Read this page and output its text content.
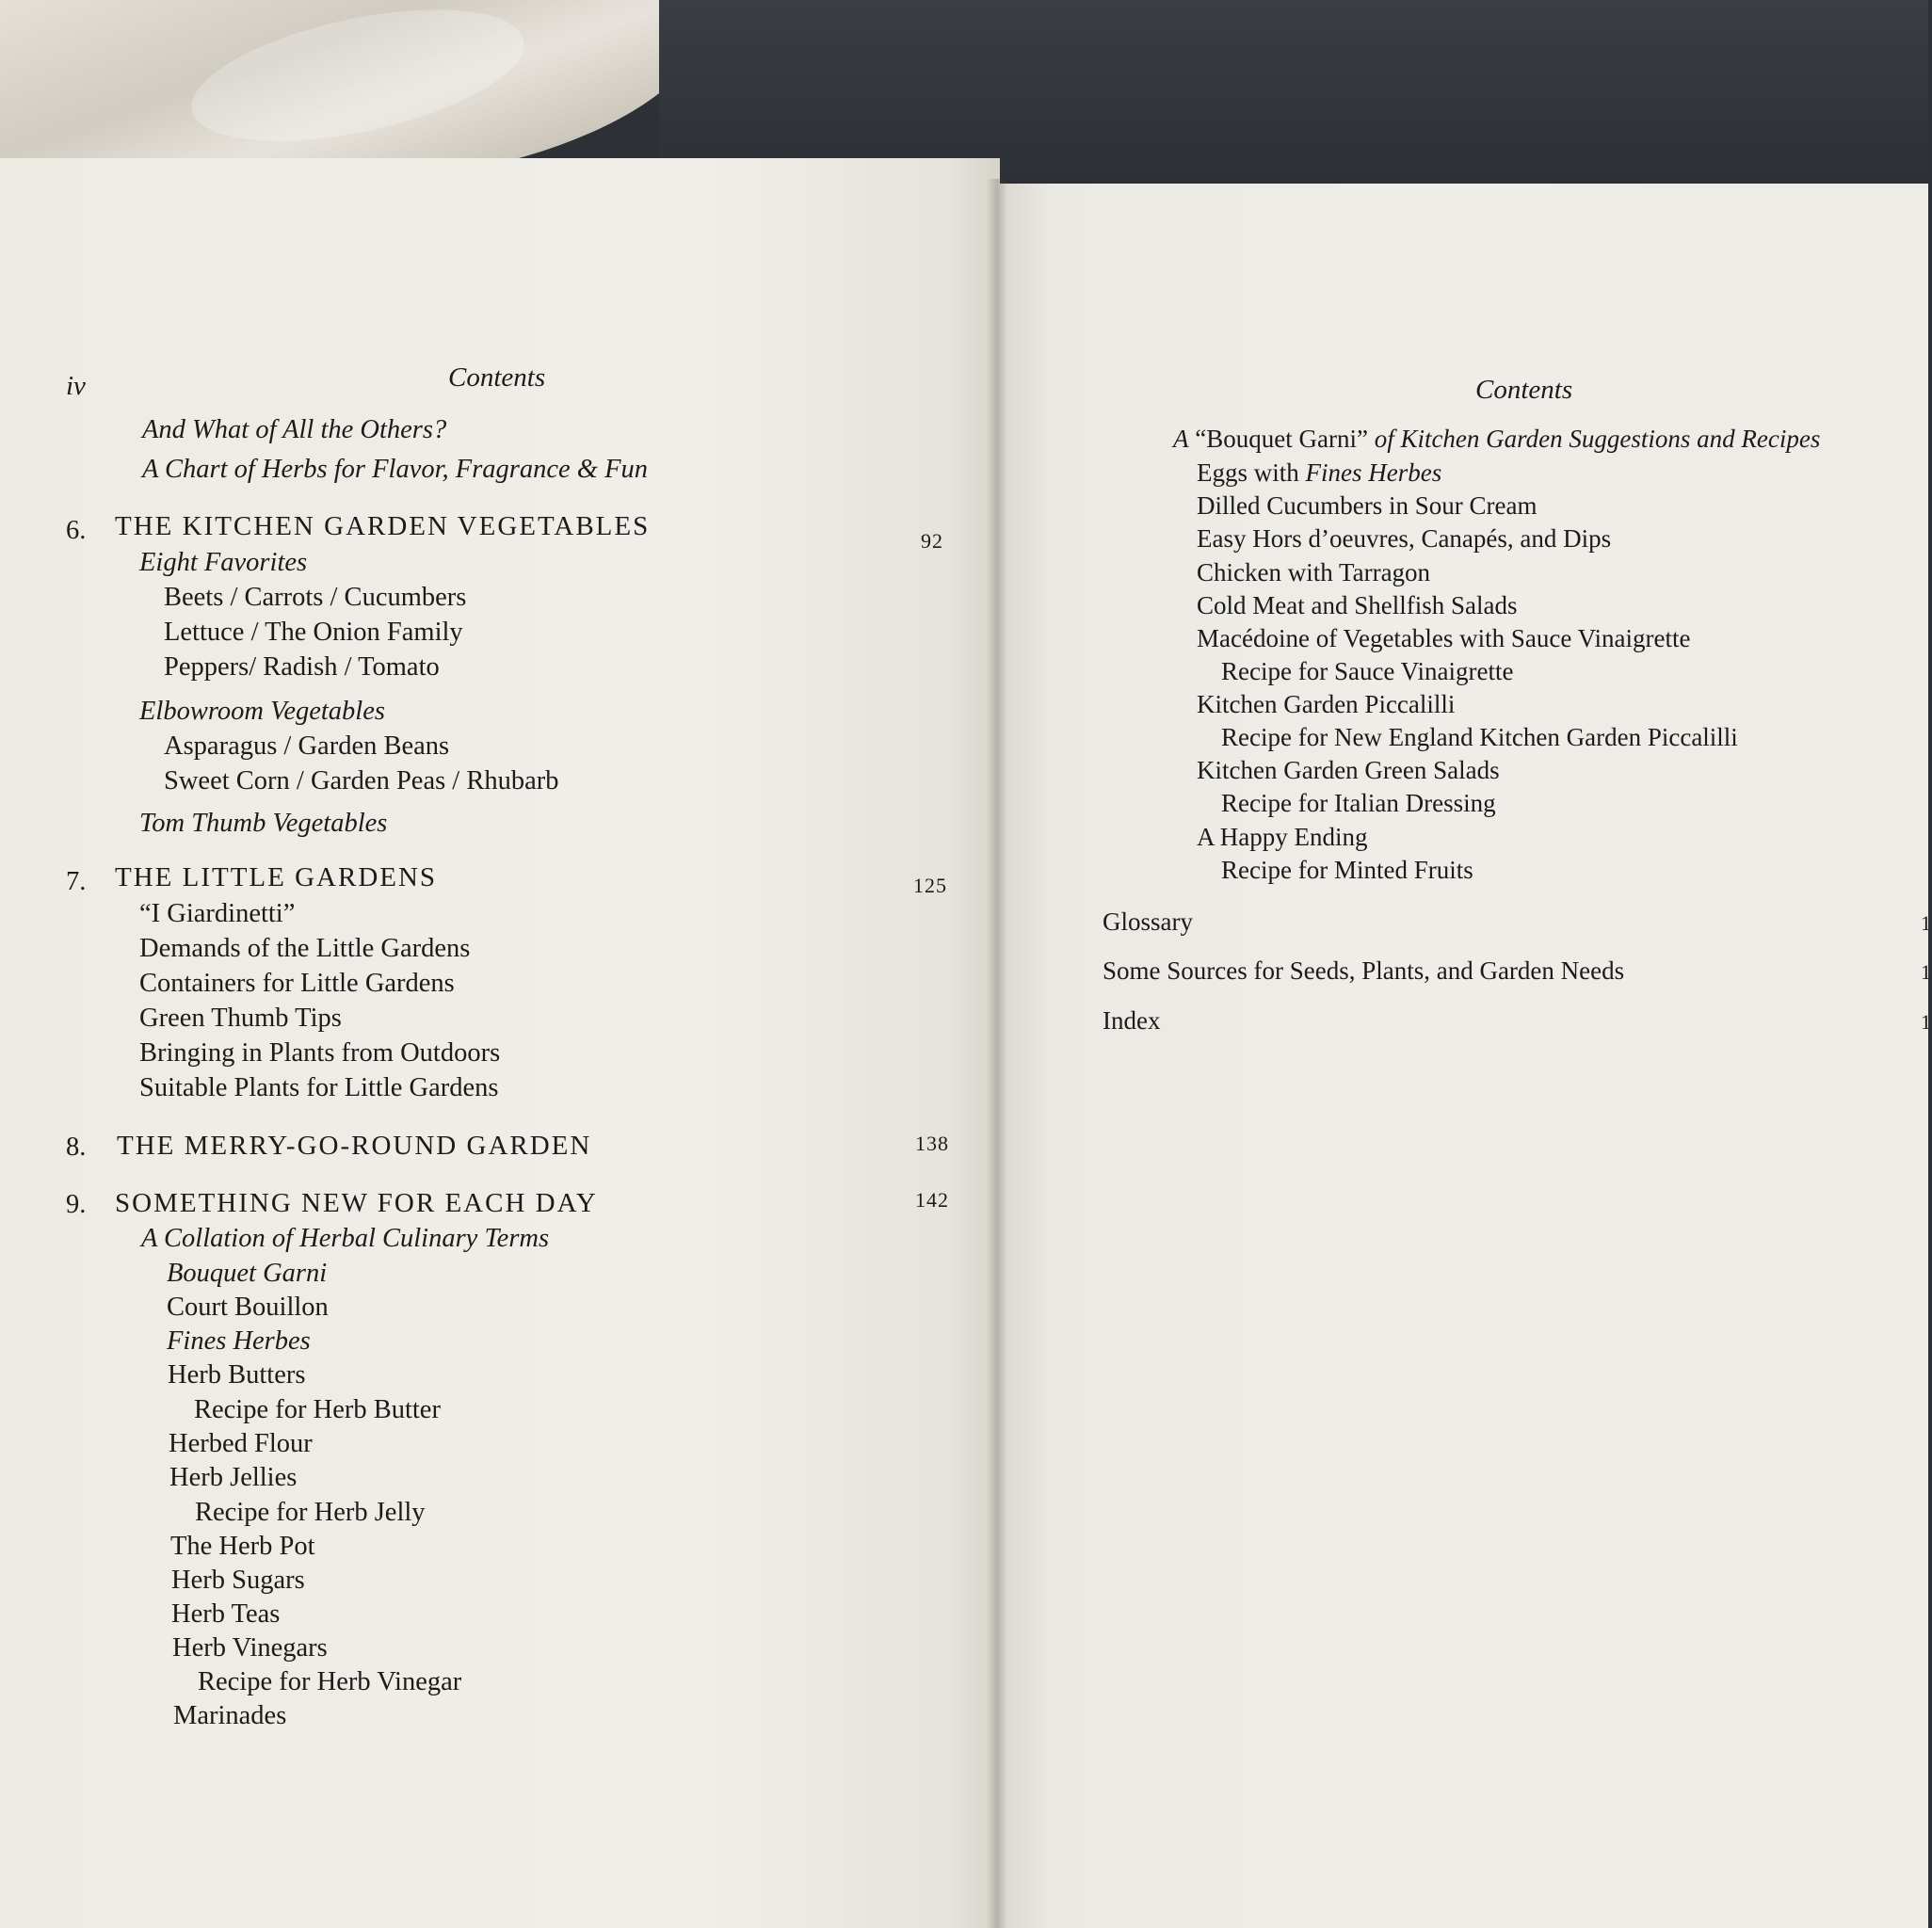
iv	Contents
And What of All the Others?
A Chart of Herbs for Flavor, Fragrance & Fun
6. THE KITCHEN GARDEN VEGETABLES	92
Eight Favorites
Beets / Carrots / Cucumbers
Lettuce / The Onion Family
Peppers/ Radish / Tomato
Elbowroom Vegetables
Asparagus / Garden Beans
Sweet Corn / Garden Peas / Rhubarb
Tom Thumb Vegetables
7. THE LITTLE GARDENS	125
“I Giardinetti”
Demands of the Little Gardens
Containers for Little Gardens
Green Thumb Tips
Bringing in Plants from Outdoors
Suitable Plants for Little Gardens
8. THE MERRY-GO-ROUND GARDEN	138
9. SOMETHING NEW FOR EACH DAY	142
A Collation of Herbal Culinary Terms
Bouquet Garni
Court Bouillon
Fines Herbes
Herb Butters
Recipe for Herb Butter
Herbed Flour
Herb Jellies
Recipe for Herb Jelly
The Herb Pot
Herb Sugars
Herb Teas
Herb Vinegars
Recipe for Herb Vinegar
Marinades
Contents
A “Bouquet Garni” of Kitchen Garden Suggestions and Recipes
Eggs with Fines Herbes
Dilled Cucumbers in Sour Cream
Easy Hors d’oeuvres, Canapés, and Dips
Chicken with Tarragon
Cold Meat and Shellfish Salads
Macédoine of Vegetables with Sauce Vinaigrette
Recipe for Sauce Vinaigrette
Kitchen Garden Piccalilli
Recipe for New England Kitchen Garden Piccalilli
Kitchen Garden Green Salads
Recipe for Italian Dressing
A Happy Ending
Recipe for Minted Fruits
Glossary	1
Some Sources for Seeds, Plants, and Garden Needs	1
Index	1
